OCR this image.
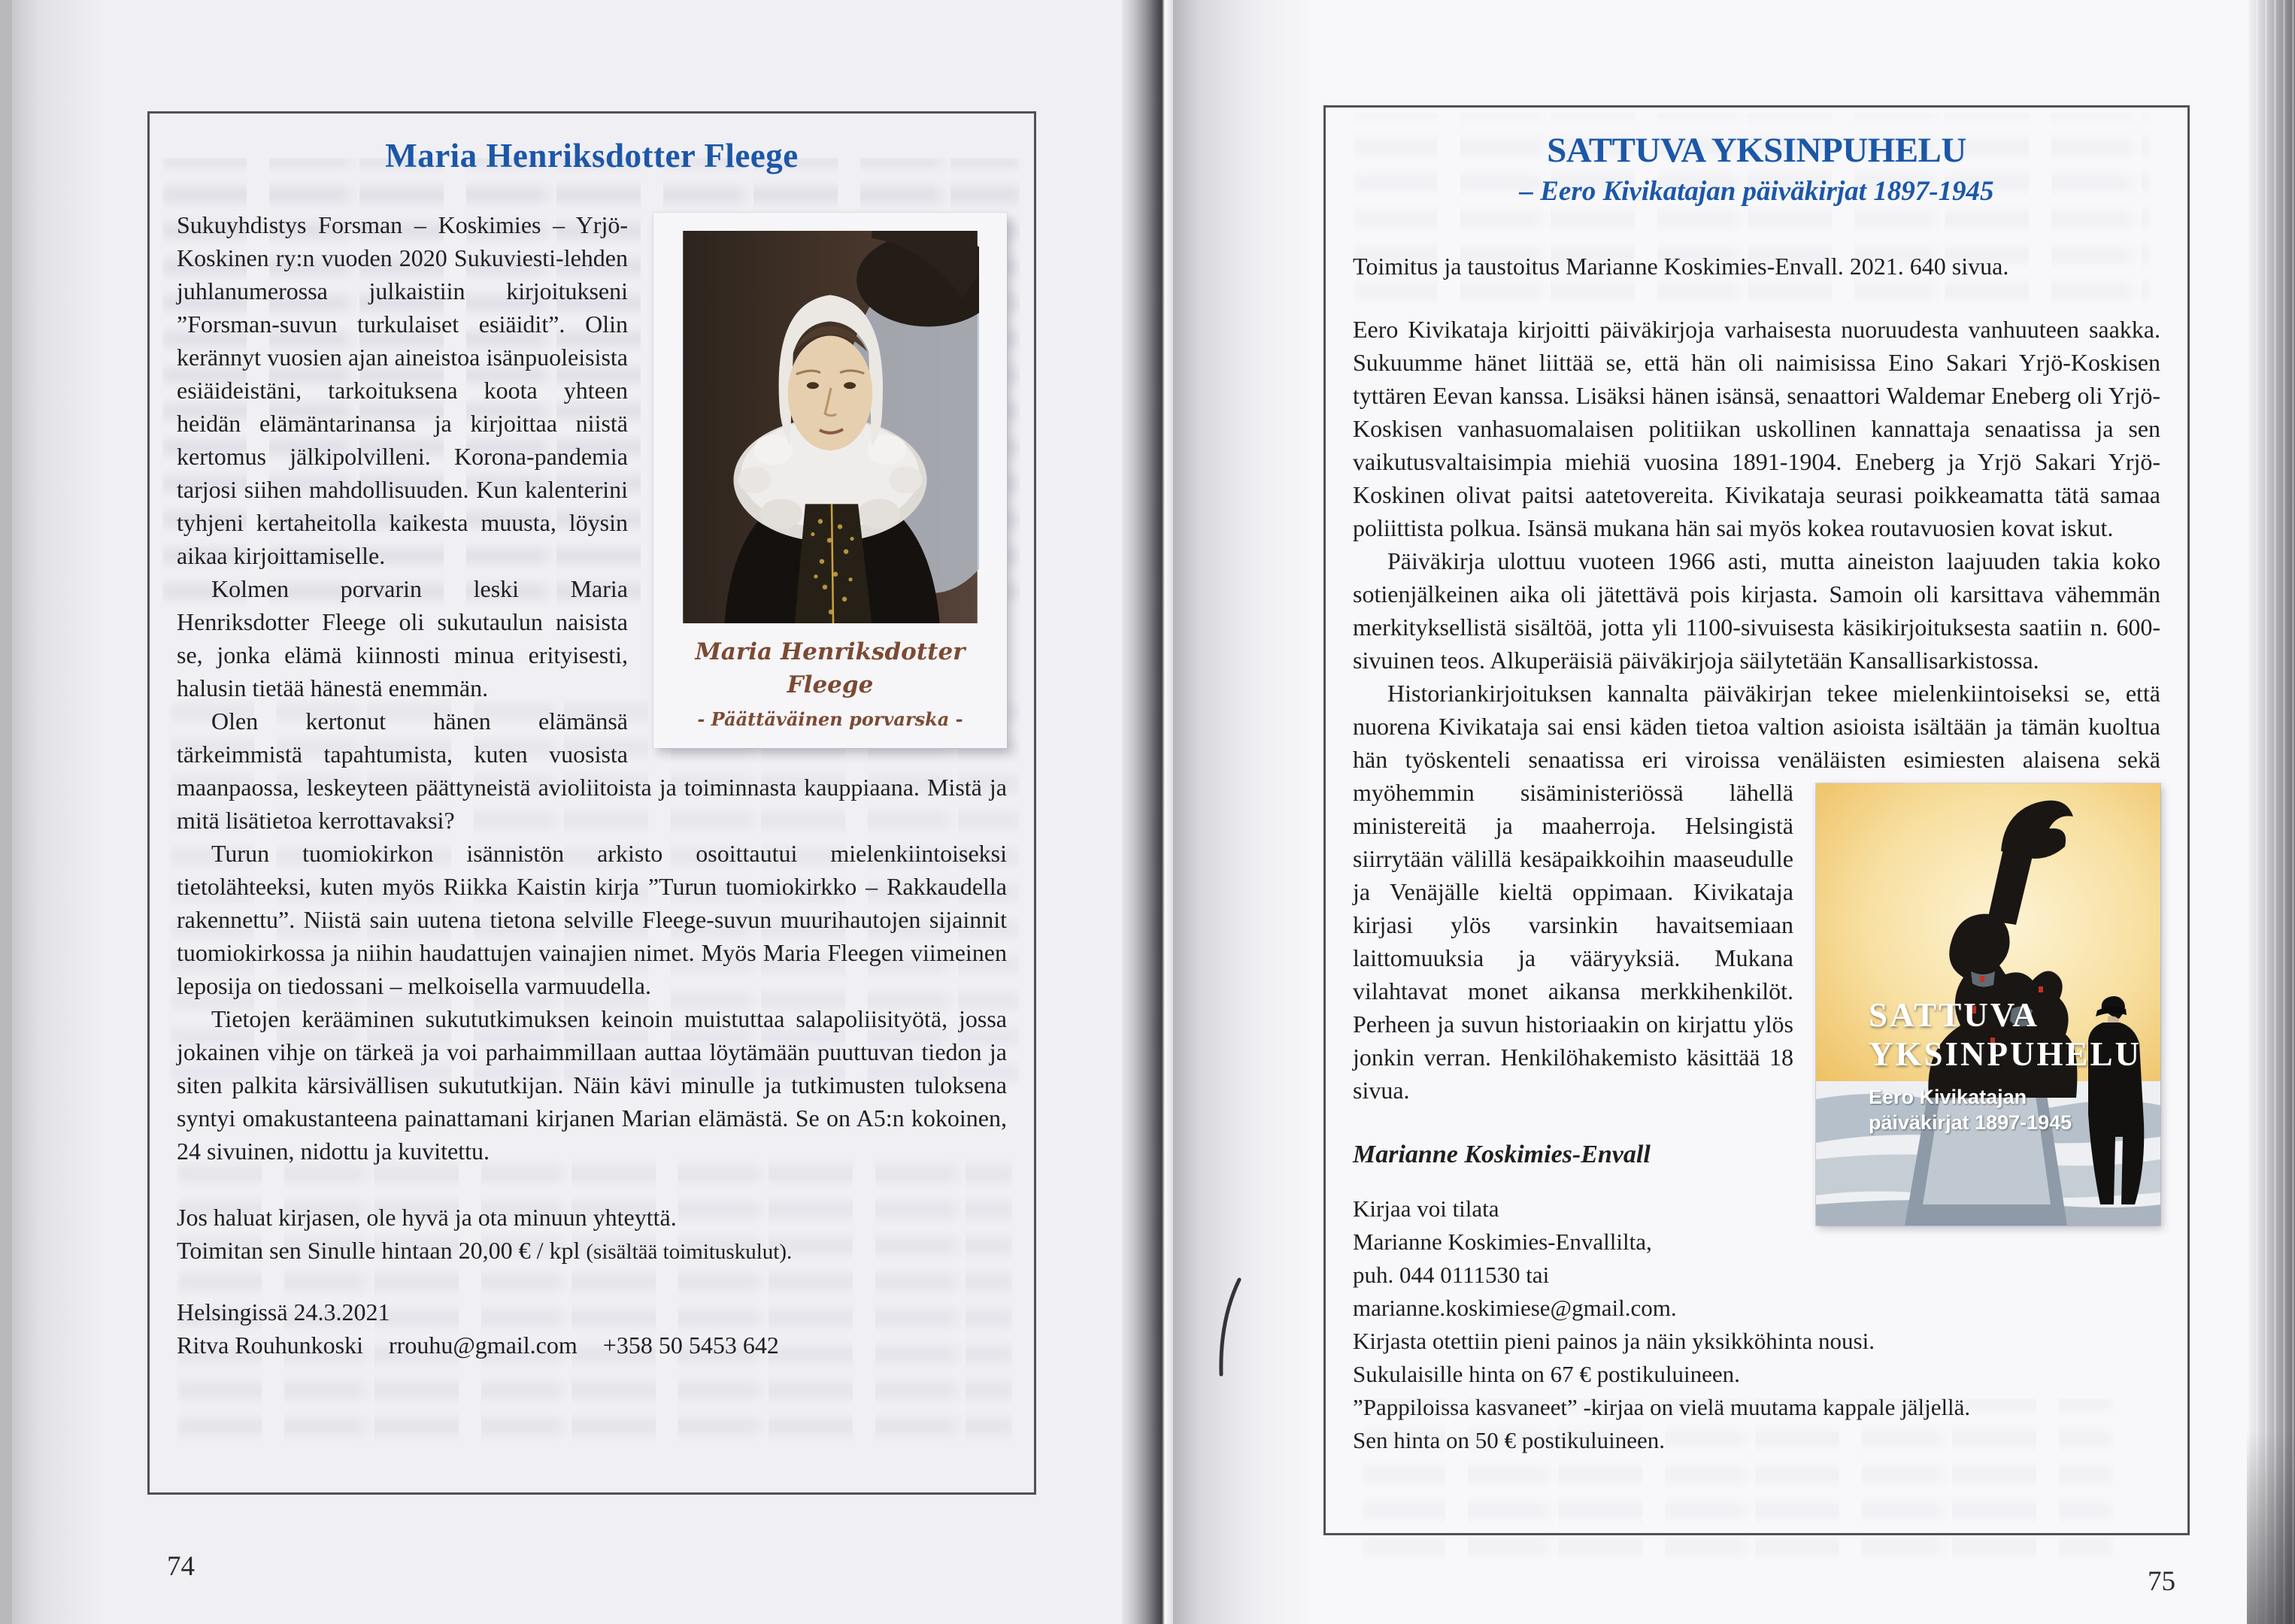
Maria Henriksdotter Fleege
Maria Henriksdotter Fleege
- Päättäväinen porvarska -

Sukuyhdistys Forsman – Koskimies – Yrjö-Koskinen ry:n vuoden 2020 Sukuviesti-lehden juhlanumerossa julkaistiin kirjoitukseni ”Forsman-suvun turkulaiset esiäidit”. Olin kerännyt vuosien ajan aineistoa isänpuoleisista esiäideistäni, tarkoituksena koota yhteen heidän elämäntarinansa ja kirjoittaa niistä kertomus jälkipolvilleni. Korona-pandemia tarjosi siihen mahdollisuuden. Kun kalenterini tyhjeni kertaheitolla kaikesta muusta, löysin aikaa kirjoittamiselle.

Kolmen porvarin leski Maria Henriksdotter Fleege oli sukutaulun naisista se, jonka elämä kiinnosti minua erityisesti, halusin tietää hänestä enemmän.

Olen kertonut hänen elämänsä tärkeimmistä tapahtumista, kuten vuosista maanpaossa, leskeyteen päättyneistä avioliitoista ja toiminnasta kauppiaana. Mistä ja mitä lisätietoa kerrottavaksi?

Turun tuomiokirkon isännistön arkisto osoittautui mielenkiintoiseksi tietolähteeksi, kuten myös Riikka Kaistin kirja ”Turun tuomiokirkko – Rakkaudella rakennettu”. Niistä sain uutena tietona selville Fleege-suvun muurihautojen sijainnit tuomiokirkossa ja niihin haudattujen vainajien nimet. Myös Maria Fleegen viimeinen leposija on tiedossani – melkoisella varmuudella.

Tietojen kerääminen sukututkimuksen keinoin muistuttaa salapoliisityötä, jossa jokainen vihje on tärkeä ja voi parhaimmillaan auttaa löytämään puuttuvan tiedon ja siten palkita kärsivällisen sukututkijan. Näin kävi minulle ja tutkimusten tuloksena syntyi omakustanteena painattamani kirjanen Marian elämästä. Se on A5:n kokoinen, 24 sivuinen, nidottu ja kuvitettu.

Jos haluat kirjasen, ole hyvä ja ota minuun yhteyttä.

Toimitan sen Sinulle hintaan 20,00 € / kpl (sisältää toimituskulut).

Helsingissä 24.3.2021

Ritva Rouhunkoski rrouhu@gmail.com +358 50 5453 642

SATTUVA YKSINPUHELU
– Eero Kivikatajan päiväkirjat 1897-1945

Toimitus ja taustoitus Marianne Koskimies-Envall. 2021. 640 sivua.

Eero Kivikataja kirjoitti päiväkirjoja varhaisesta nuoruudesta vanhuuteen saakka. Sukuumme hänet liittää se, että hän oli naimisissa Eino Sakari Yrjö-Koskisen tyttären Eevan kanssa. Lisäksi hänen isänsä, senaattori Waldemar Eneberg oli Yrjö-Koskisen vanhasuomalaisen politiikan uskollinen kannattaja senaatissa ja sen vaikutusvaltaisimpia miehiä vuosina 1891-1904. Eneberg ja Yrjö Sakari Yrjö-Koskinen olivat paitsi aatetovereita. Kivikataja seurasi poikkeamatta tätä samaa poliittista polkua. Isänsä mukana hän sai myös kokea routavuosien kovat iskut.

Päiväkirja ulottuu vuoteen 1966 asti, mutta aineiston laajuuden takia koko sotienjälkeinen aika oli jätettävä pois kirjasta. Samoin oli karsittava vähemmän merkityksellistä sisältöä, jotta yli 1100-sivuisesta käsikirjoituksesta saatiin n. 600-sivuinen teos. Alkuperäisiä päiväkirjoja säilytetään Kansallisarkistossa.

Historiankirjoituksen kannalta päiväkirjan tekee mielenkiintoiseksi se, että nuorena Kivikataja sai ensi käden tietoa valtion asioista isältään ja tämän kuoltua hän työskenteli senaatissa eri viroissa venäläisten esimiesten alaisena sekä myöhemmin
SATTUVA
YKSINPUHELU
Eero Kivikatajan
päiväkirjat 1897-1945
sisäministeriössä lähellä ministereitä ja maaherroja. Helsingistä siirrytään välillä kesäpaikkoihin maaseudulle ja Venäjälle kieltä oppimaan. Kivikataja kirjasi ylös varsinkin havaitsemiaan laittomuuksia ja vääryyksiä. Mukana vilahtavat monet aikansa merkkihenkilöt. Perheen ja suvun historiaakin on kirjattu ylös jonkin verran. Henkilöhakemisto käsittää 18 sivua.

Marianne Koskimies-Envall

Kirjaa voi tilata

Marianne Koskimies-Envallilta,

puh. 044 0111530 tai

marianne.koskimiese@gmail.com.

Kirjasta otettiin pieni painos ja näin yksikköhinta nousi.

Sukulaisille hinta on 67 € postikuluineen.

”Pappiloissa kasvaneet” -kirjaa on vielä muutama kappale jäljellä.

Sen hinta on 50 € postikuluineen.

74	75
